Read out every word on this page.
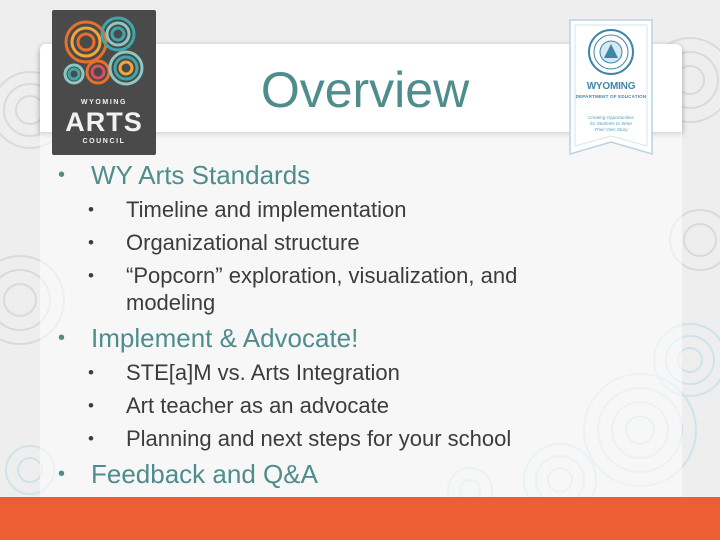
Overview
WYOMING
ARTS
COUNCIL
WYOMING
DEPARTMENT OF EDUCATION
Creating Opportunities
for Students to Write
Their Own Story
• WY Arts Standards
• Timeline and implementation
• Organizational structure
• “Popcorn” exploration, visualization, and
modeling
• Implement & Advocate!
• STE[a]M vs. Arts Integration
• Art teacher as an advocate
• Planning and next steps for your school
• Feedback and Q&A
